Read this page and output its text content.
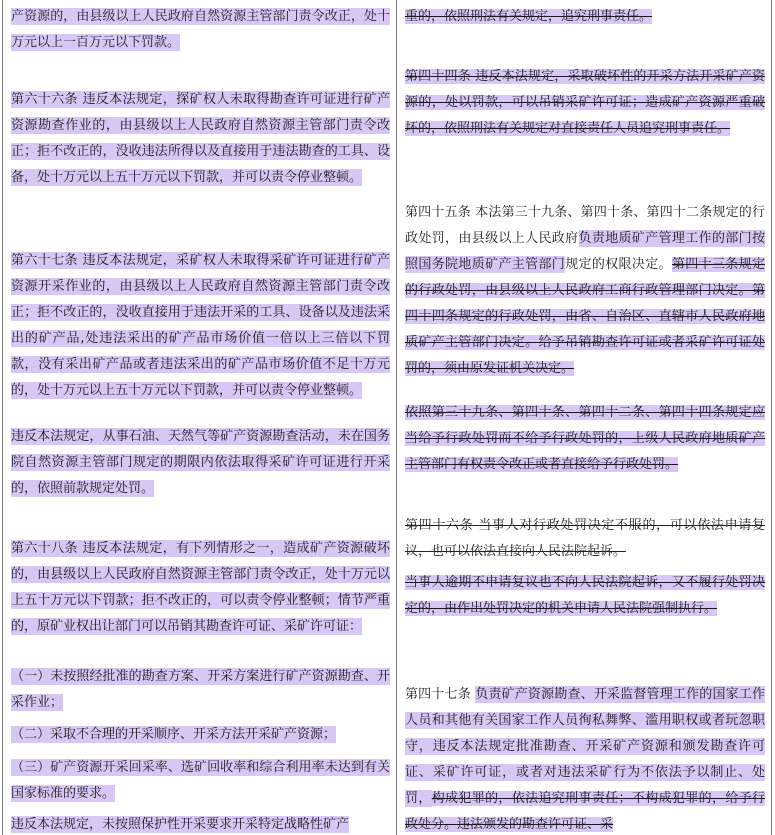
产资源的，由县级以上人民政府自然资源主管部门责令改正，处十万元以上一百万元以下罚款。

第六十六条 违反本法规定，探矿权人未取得勘查许可证进行矿产资源勘查作业的，由县级以上人民政府自然资源主管部门责令改正；拒不改正的，没收违法所得以及直接用于违法勘查的工具、设备，处十万元以上五十万元以下罚款，并可以责令停业整顿。

第六十七条 违反本法规定，采矿权人未取得采矿许可证进行矿产资源开采作业的，由县级以上人民政府自然资源主管部门责令改正；拒不改正的，没收直接用于违法开采的工具、设备以及违法采出的矿产品,处违法采出的矿产品市场价值一倍以上三倍以下罚款，没有采出矿产品或者违法采出的矿产品市场价值不足十万元的，处十万元以上五十万元以下罚款，并可以责令停业整顿。

违反本法规定，从事石油、天然气等矿产资源勘查活动，未在国务院自然资源主管部门规定的期限内依法取得采矿许可证进行开采的，依照前款规定处罚。

第六十八条 违反本法规定，有下列情形之一，造成矿产资源破坏的，由县级以上人民政府自然资源主管部门责令改正，处十万元以上五十万元以下罚款；拒不改正的，可以责令停业整顿；情节严重的，原矿业权出让部门可以吊销其勘查许可证、采矿许可证：

（一）未按照经批准的勘查方案、开采方案进行矿产资源勘查、开采作业；

（二）采取不合理的开采顺序、开采方法开采矿产资源；

（三）矿产资源开采回采率、选矿回收率和综合利用率未达到有关国家标准的要求。

违反本法规定，未按照保护性开采要求开采特定战略性矿产

重的，依照刑法有关规定，追究刑事责任。

第四十四条 违反本法规定，采取破坏性的开采方法开采矿产资源的，处以罚款，可以吊销采矿许可证；造成矿产资源严重破坏的，依照刑法有关规定对直接责任人员追究刑事责任。

第四十五条 本法第三十九条、第四十条、第四十二条规定的行政处罚，由县级以上人民政府负责地质矿产管理工作的部门按照国务院地质矿产主管部门规定的权限决定。第四十三条规定的行政处罚，由县级以上人民政府工商行政管理部门决定。第四十四条规定的行政处罚，由省、自治区、直辖市人民政府地质矿产主管部门决定。给予吊销勘查许可证或者采矿许可证处罚的，须由原发证机关决定。

依照第三十九条、第四十条、第四十二条、第四十四条规定应当给予行政处罚而不给予行政处罚的，上级人民政府地质矿产主管部门有权责令改正或者直接给予行政处罚。

第四十六条 当事人对行政处罚决定不服的，可以依法申请复议，也可以依法直接向人民法院起诉。

当事人逾期不申请复议也不向人民法院起诉，又不履行处罚决定的，由作出处罚决定的机关申请人民法院强制执行。

第四十七条 负责矿产资源勘查、开采监督管理工作的国家工作人员和其他有关国家工作人员徇私舞弊、滥用职权或者玩忽职守，违反本法规定批准勘查、开采矿产资源和颁发勘查许可证、采矿许可证，或者对违法采矿行为不依法予以制止、处罚，构成犯罪的，依法追究刑事责任；不构成犯罪的，给予行政处分。违法颁发的勘查许可证、采
